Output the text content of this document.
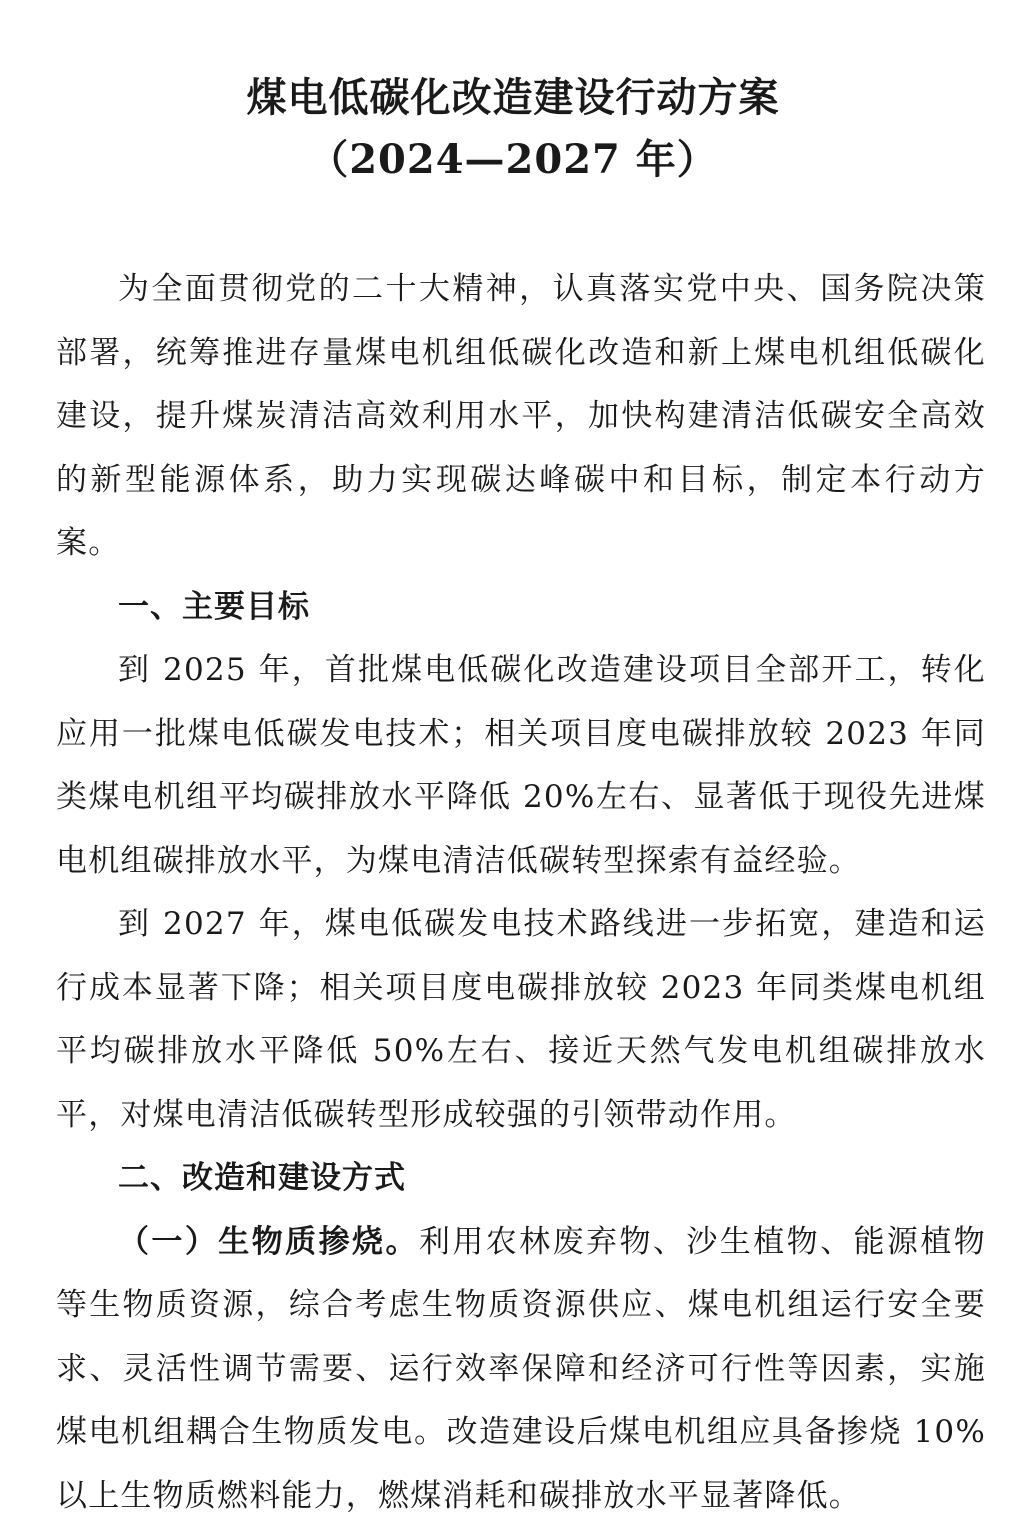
煤电低碳化改造建设行动方案
（2024—2027 年）

为全面贯彻党的二十大精神，认真落实党中央、国务院决策部署，统筹推进存量煤电机组低碳化改造和新上煤电机组低碳化建设，提升煤炭清洁高效利用水平，加快构建清洁低碳安全高效的新型能源体系，助力实现碳达峰碳中和目标，制定本行动方案。

一、主要目标

到 2025 年，首批煤电低碳化改造建设项目全部开工，转化应用一批煤电低碳发电技术；相关项目度电碳排放较 2023 年同类煤电机组平均碳排放水平降低 20%左右、显著低于现役先进煤电机组碳排放水平，为煤电清洁低碳转型探索有益经验。

到 2027 年，煤电低碳发电技术路线进一步拓宽，建造和运行成本显著下降；相关项目度电碳排放较 2023 年同类煤电机组平均碳排放水平降低 50%左右、接近天然气发电机组碳排放水平，对煤电清洁低碳转型形成较强的引领带动作用。

二、改造和建设方式

（一）生物质掺烧。利用农林废弃物、沙生植物、能源植物等生物质资源，综合考虑生物质资源供应、煤电机组运行安全要求、灵活性调节需要、运行效率保障和经济可行性等因素，实施煤电机组耦合生物质发电。改造建设后煤电机组应具备掺烧 10%以上生物质燃料能力，燃煤消耗和碳排放水平显著降低。
